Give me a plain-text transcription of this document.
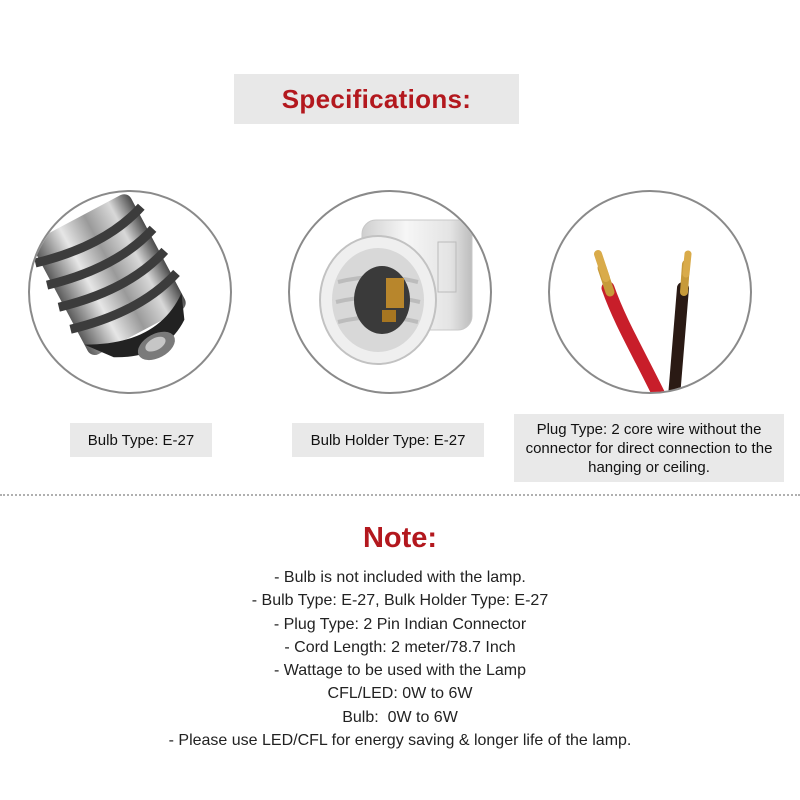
Specifications:
Bulb Type: E-27	Bulb Holder Type: E-27
Plug Type: 2 core wire without the connector for direct connection to the hanging or ceiling.
Note:
- Bulb is not included with the lamp.
- Bulb Type: E-27, Bulk Holder Type: E-27
- Plug Type: 2 Pin Indian Connector
- Cord Length: 2 meter/78.7 Inch
- Wattage to be used with the Lamp
CFL/LED: 0W to 6W
Bulb:  0W to 6W
- Please use LED/CFL for energy saving & longer life of the lamp.
